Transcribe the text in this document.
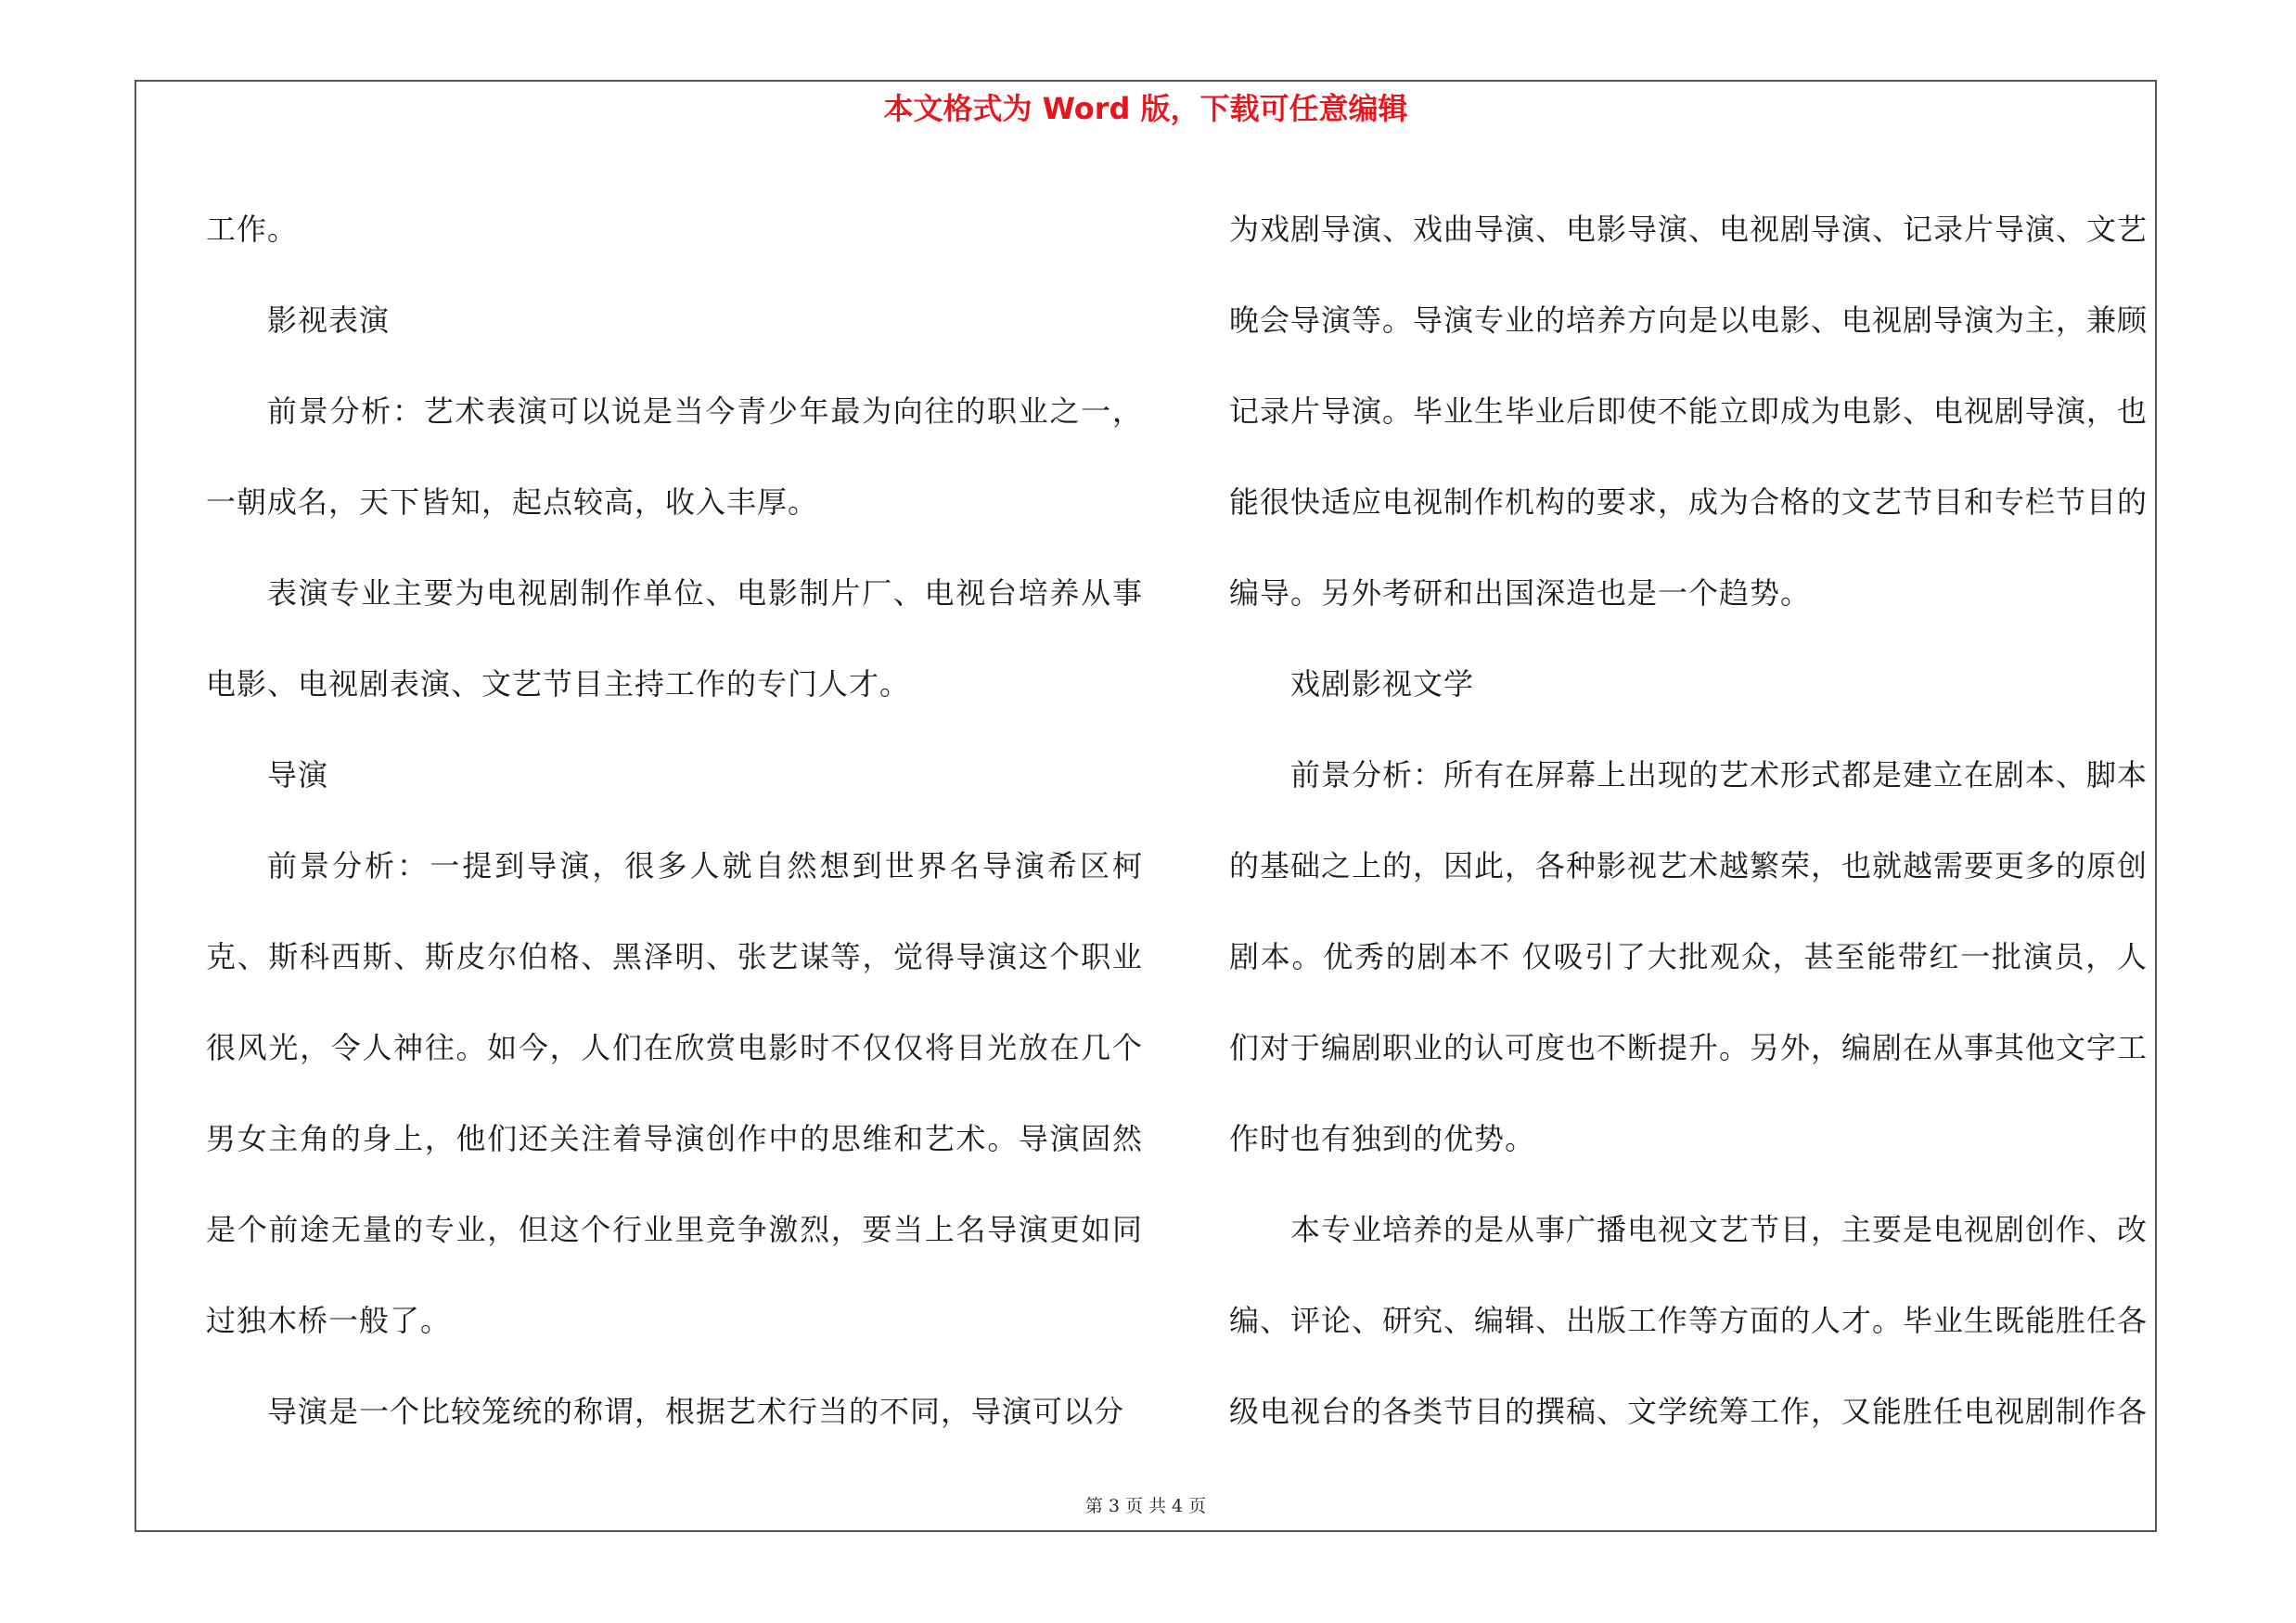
本文格式为 Word 版，下载可任意编辑

工作。

影视表演

前景分析：艺术表演可以说是当今青少年最为向往的职业之一，一朝成名，天下皆知，起点较高，收入丰厚。

表演专业主要为电视剧制作单位、电影制片厂、电视台培养从事电影、电视剧表演、文艺节目主持工作的专门人才。

导演

前景分析：一提到导演，很多人就自然想到世界名导演希区柯克、斯科西斯、斯皮尔伯格、黑泽明、张艺谋等，觉得导演这个职业很风光，令人神往。如今，人们在欣赏电影时不仅仅将目光放在几个男女主角的身上，他们还关注着导演创作中的思维和艺术。导演固然是个前途无量的专业，但这个行业里竞争激烈，要当上名导演更如同过独木桥一般了。

导演是一个比较笼统的称谓，根据艺术行当的不同，导演可以分

为戏剧导演、戏曲导演、电影导演、电视剧导演、记录片导演、文艺晚会导演等。导演专业的培养方向是以电影、电视剧导演为主，兼顾记录片导演。毕业生毕业后即使不能立即成为电影、电视剧导演，也能很快适应电视制作机构的要求，成为合格的文艺节目和专栏节目的编导。另外考研和出国深造也是一个趋势。

戏剧影视文学

前景分析：所有在屏幕上出现的艺术形式都是建立在剧本、脚本的基础之上的，因此，各种影视艺术越繁荣，也就越需要更多的原创剧本。优秀的剧本不 仅吸引了大批观众，甚至能带红一批演员，人们对于编剧职业的认可度也不断提升。另外，编剧在从事其他文字工作时也有独到的优势。

本专业培养的是从事广播电视文艺节目，主要是电视剧创作、改编、评论、研究、编辑、出版工作等方面的人才。毕业生既能胜任各级电视台的各类节目的撰稿、文学统筹工作，又能胜任电视剧制作各

第 3 页 共 4 页
